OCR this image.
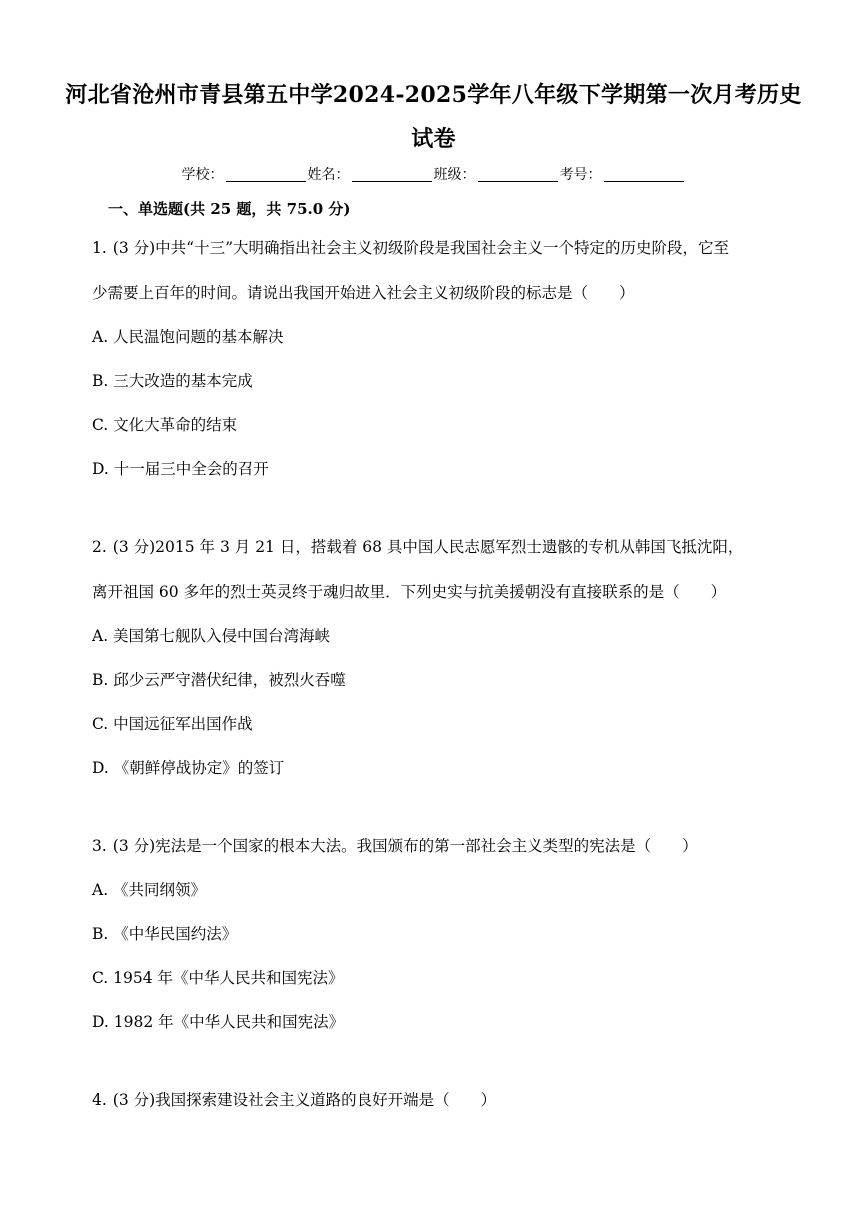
河北省沧州市青县第五中学2024-2025学年八年级下学期第一次月考历史
试卷
学校：	姓名：	班级：	考号：
一、单选题(共 25 题，共 75.0 分)
1. (3 分)中共“十三”大明确指出社会主义初级阶段是我国社会主义一个特定的历史阶段，它至
少需要上百年的时间。请说出我国开始进入社会主义初级阶段的标志是（　　）
A. 人民温饱问题的基本解决
B. 三大改造的基本完成
C. 文化大革命的结束
D. 十一届三中全会的召开
2. (3 分)2015 年 3 月 21 日，搭载着 68 具中国人民志愿军烈士遗骸的专机从韩国飞抵沈阳，
离开祖国 60 多年的烈士英灵终于魂归故里．下列史实与抗美援朝没有直接联系的是（　　）
A. 美国第七舰队入侵中国台湾海峡
B. 邱少云严守潜伏纪律，被烈火吞噬
C. 中国远征军出国作战
D. 《朝鲜停战协定》的签订
3. (3 分)宪法是一个国家的根本大法。我国颁布的第一部社会主义类型的宪法是（　　）
A. 《共同纲领》
B. 《中华民国约法》
C. 1954 年《中华人民共和国宪法》
D. 1982 年《中华人民共和国宪法》
4. (3 分)我国探索建设社会主义道路的良好开端是（　　）
